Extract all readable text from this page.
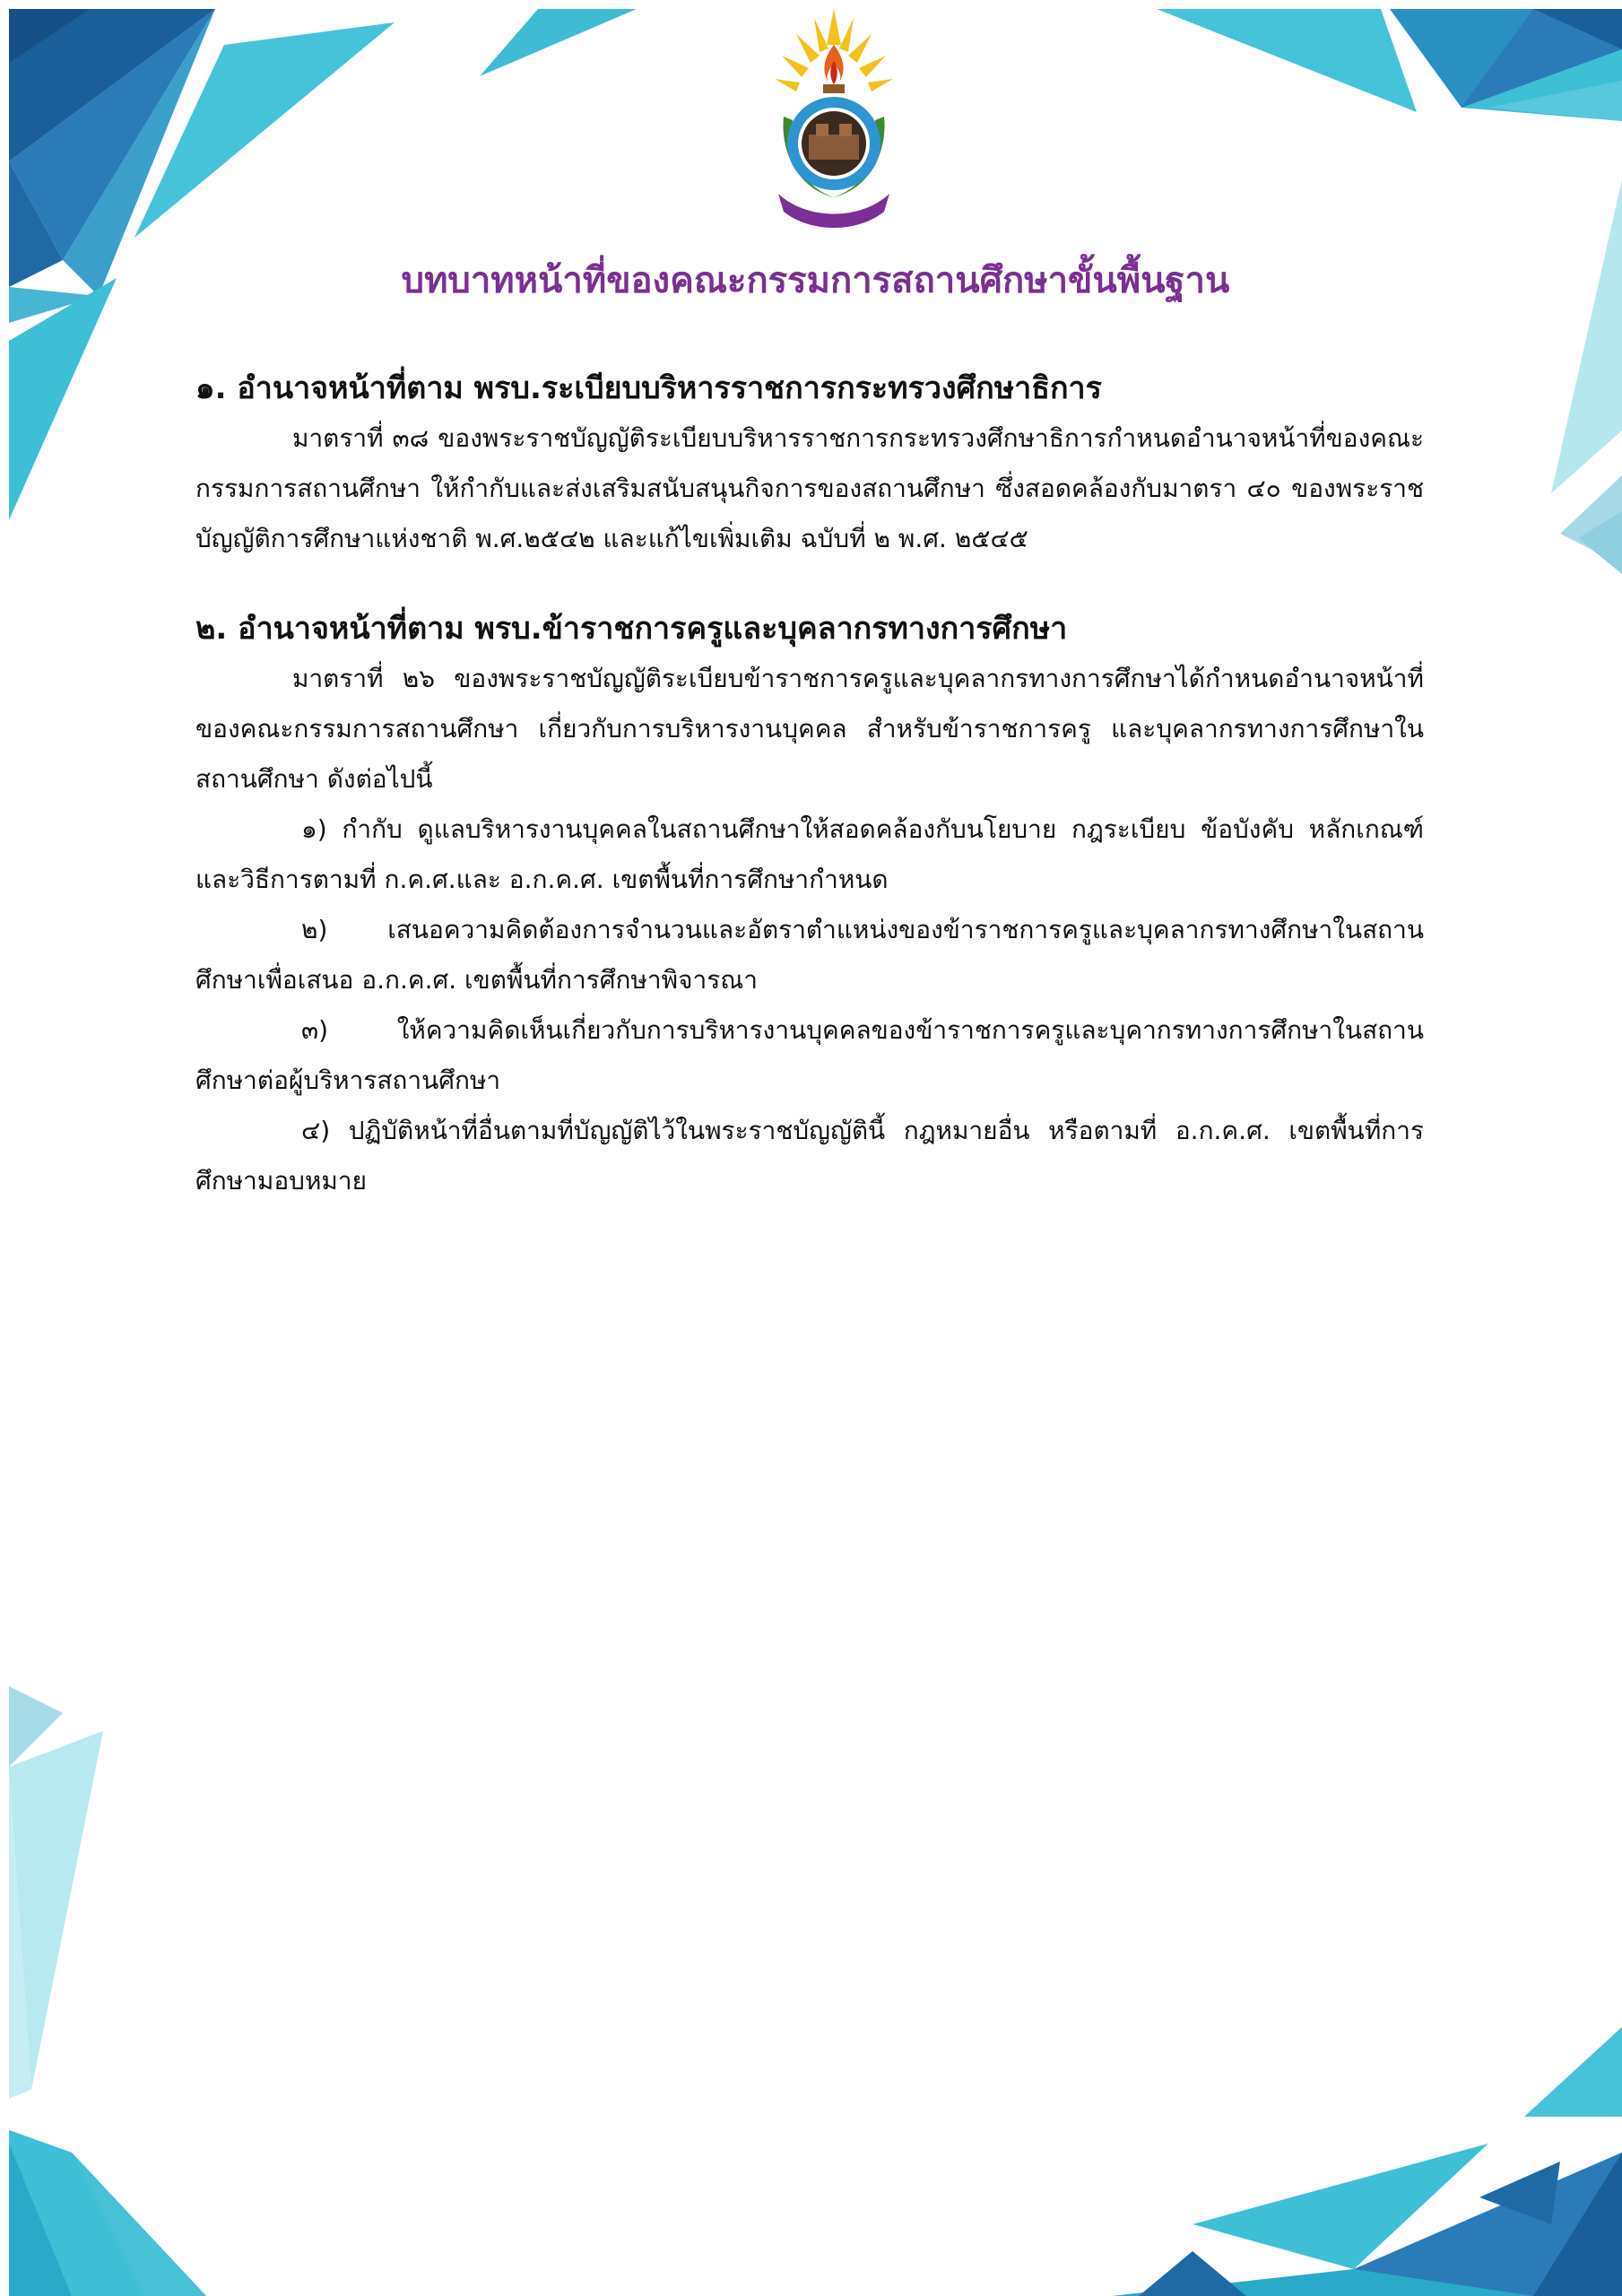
บทบาทหน้าที่ของคณะกรรมการสถานศึกษาขั้นพื้นฐาน
๑. อำนาจหน้าที่ตาม พรบ.ระเบียบบริหารราชการกระทรวงศึกษาธิการ

มาตราที่ ๓๘ ของพระราชบัญญัติระเบียบบริหารราชการกระทรวงศึกษาธิการกำหนดอำนาจหน้าที่ของคณะกรรมการสถานศึกษา ให้กำกับและส่งเสริมสนับสนุนกิจการของสถานศึกษา ซึ่งสอดคล้องกับมาตรา ๔๐ ของพระราชบัญญัติการศึกษาแห่งชาติ พ.ศ.๒๕๔๒ และแก้ไขเพิ่มเติม ฉบับที่ ๒ พ.ศ. ๒๕๔๕

๒. อำนาจหน้าที่ตาม พรบ.ข้าราชการครูและบุคลากรทางการศึกษา

มาตราที่ ๒๖ ของพระราชบัญญัติระเบียบข้าราชการครูและบุคลากรทางการศึกษาได้กำหนดอำนาจหน้าที่ของคณะกรรมการสถานศึกษา เกี่ยวกับการบริหารงานบุคคล สำหรับข้าราชการครู และบุคลากรทางการศึกษาในสถานศึกษา ดังต่อไปนี้

๑) กำกับ ดูแลบริหารงานบุคคลในสถานศึกษาให้สอดคล้องกับนโยบาย กฎระเบียบ ข้อบังคับ หลักเกณฑ์และวิธีการตามที่ ก.ค.ศ.และ อ.ก.ค.ศ. เขตพื้นที่การศึกษากำหนด

๒) เสนอความคิดต้องการจำนวนและอัตราตำแหน่งของข้าราชการครูและบุคลากรทางศึกษาในสถานศึกษาเพื่อเสนอ อ.ก.ค.ศ. เขตพื้นที่การศึกษาพิจารณา

๓) ให้ความคิดเห็นเกี่ยวกับการบริหารงานบุคคลของข้าราชการครูและบุคากรทางการศึกษาในสถานศึกษาต่อผู้บริหารสถานศึกษา

๔) ปฏิบัติหน้าที่อื่นตามที่บัญญัติไว้ในพระราชบัญญัตินี้ กฎหมายอื่น หรือตามที่ อ.ก.ค.ศ. เขตพื้นที่การศึกษามอบหมาย
